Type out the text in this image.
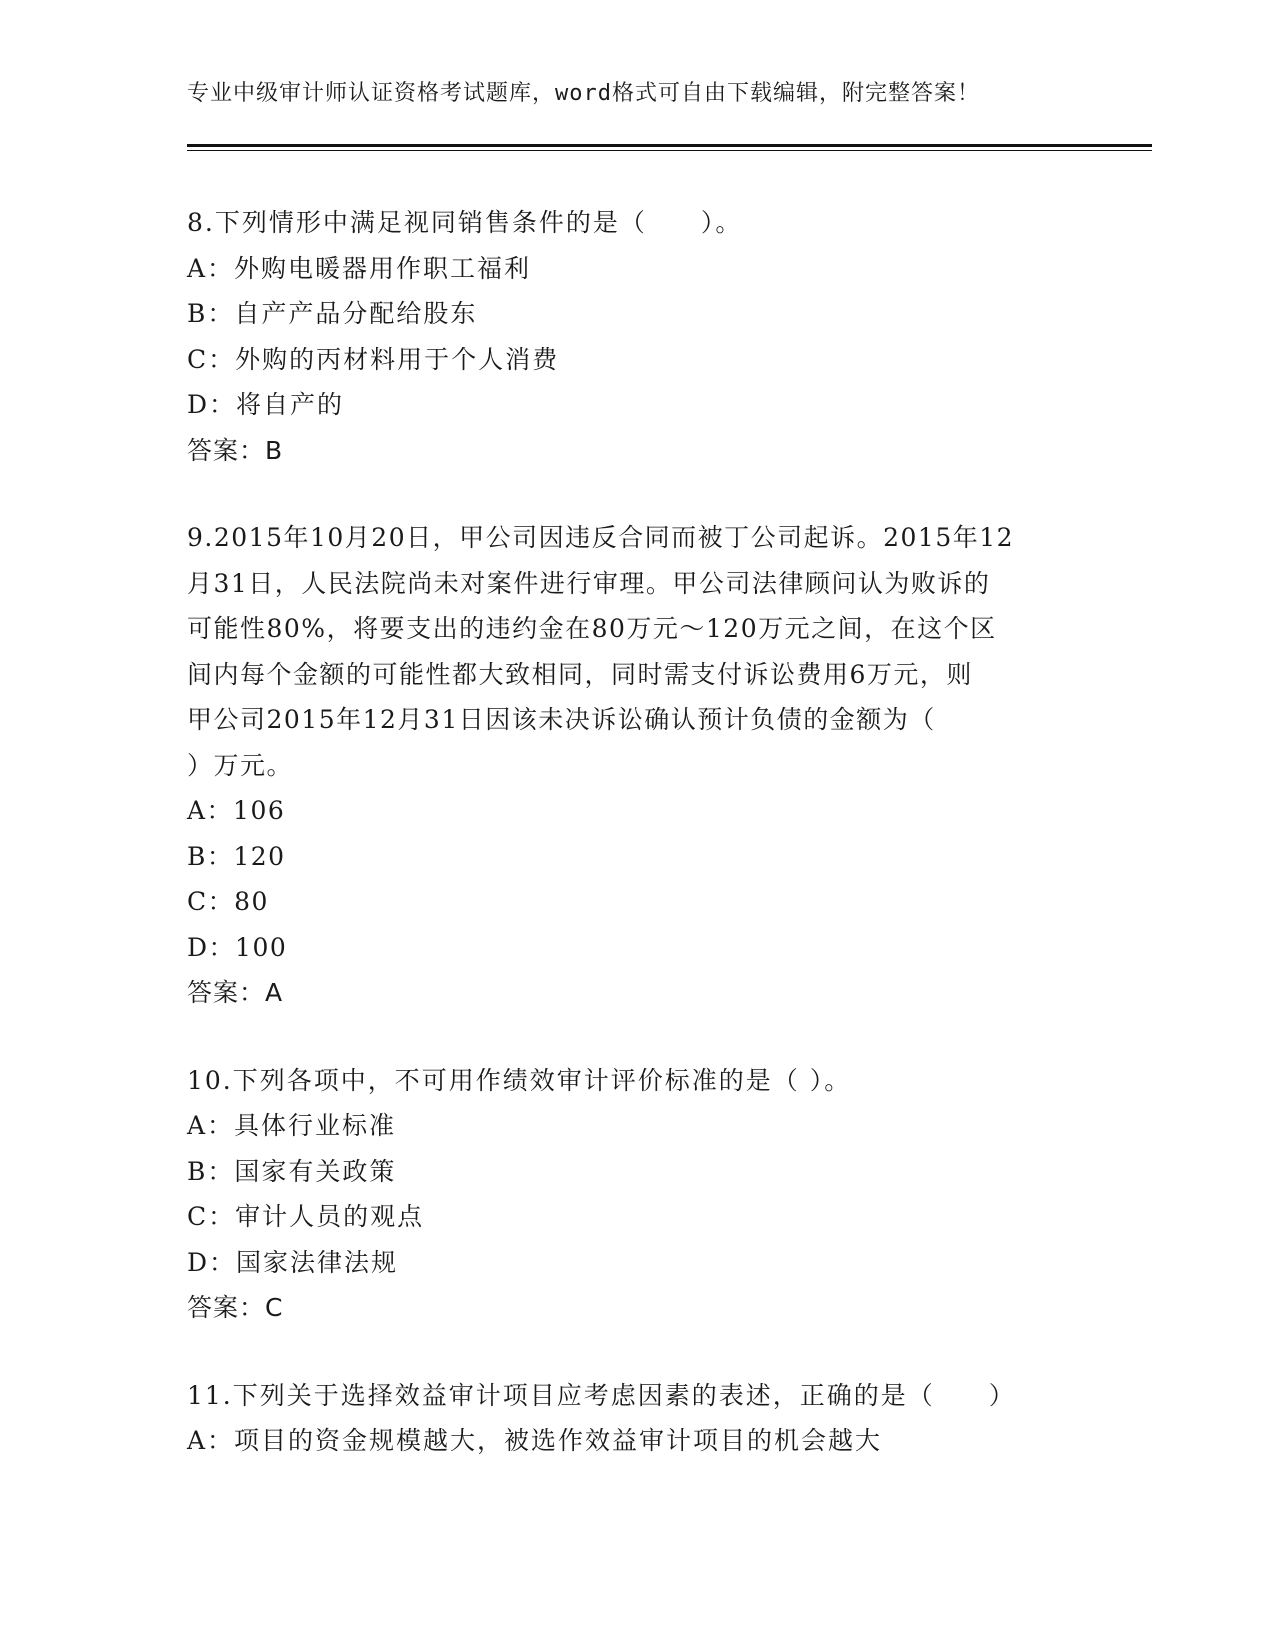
专业中级审计师认证资格考试题库，word格式可自由下载编辑，附完整答案！
8.下列情形中满足视同销售条件的是（　　）。
A：外购电暖器用作职工福利
B：自产产品分配给股东
C：外购的丙材料用于个人消费
D：将自产的
答案：B
9.2015年10月20日，甲公司因违反合同而被丁公司起诉。2015年12
月31日，人民法院尚未对案件进行审理。甲公司法律顾问认为败诉的
可能性80%，将要支出的违约金在80万元～120万元之间，在这个区
间内每个金额的可能性都大致相同，同时需支付诉讼费用6万元，则
甲公司2015年12月31日因该未决诉讼确认预计负债的金额为（
）万元。
A：106
B：120
C：80
D：100
答案：A
10.下列各项中，不可用作绩效审计评价标准的是（ ）。
A：具体行业标准
B：国家有关政策
C：审计人员的观点
D：国家法律法规
答案：C
11.下列关于选择效益审计项目应考虑因素的表述，正确的是（　　）
A：项目的资金规模越大，被选作效益审计项目的机会越大
